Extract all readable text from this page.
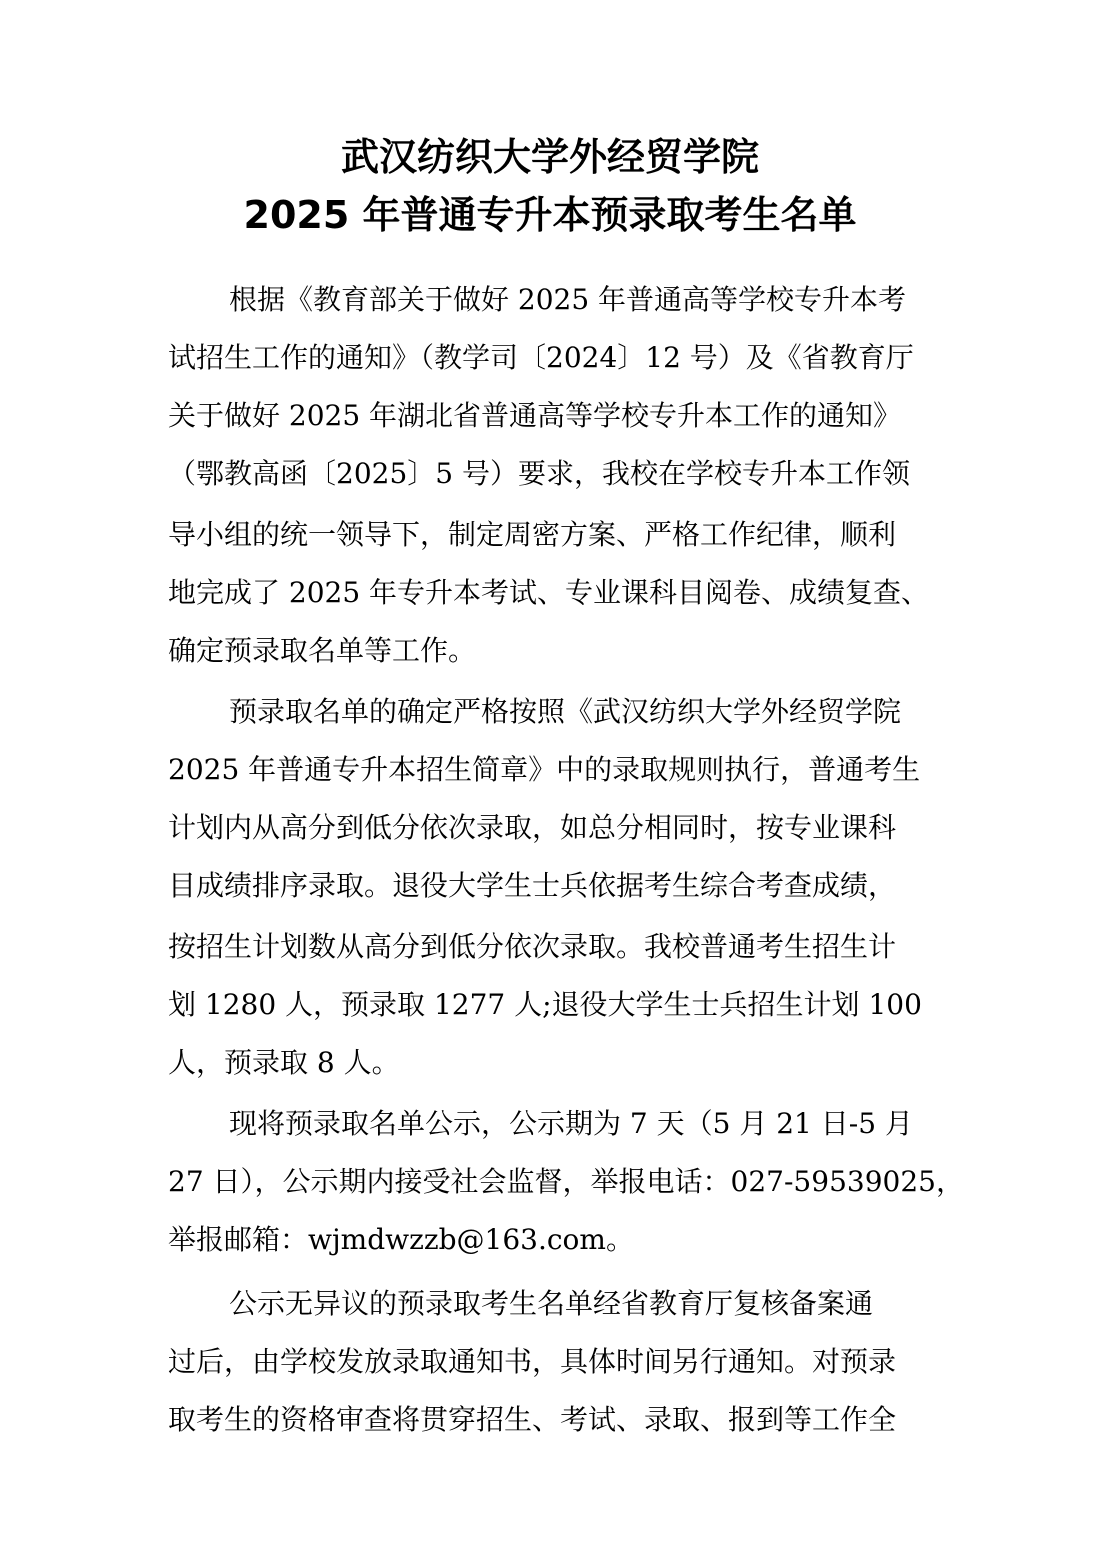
武汉纺织大学外经贸学院
2025 年普通专升本预录取考生名单

根据《教育部关于做好 2025 年普通高等学校专升本考

试招生工作的通知》（教学司〔2024〕12 号）及《省教育厅

关于做好 2025 年湖北省普通高等学校专升本工作的通知》

（鄂教高函〔2025〕5 号）要求，我校在学校专升本工作领

导小组的统一领导下，制定周密方案、严格工作纪律，顺利

地完成了 2025 年专升本考试、专业课科目阅卷、成绩复查、

确定预录取名单等工作。

预录取名单的确定严格按照《武汉纺织大学外经贸学院

2025 年普通专升本招生简章》中的录取规则执行，普通考生

计划内从高分到低分依次录取，如总分相同时，按专业课科

目成绩排序录取。退役大学生士兵依据考生综合考查成绩，

按招生计划数从高分到低分依次录取。我校普通考生招生计

划 1280 人，预录取 1277 人;退役大学生士兵招生计划 100

人，预录取 8 人。

现将预录取名单公示，公示期为 7 天（5 月 21 日-5 月

27 日），公示期内接受社会监督，举报电话：027-59539025，

举报邮箱：wjmdwzzb@163.com。

公示无异议的预录取考生名单经省教育厅复核备案通

过后，由学校发放录取通知书，具体时间另行通知。对预录

取考生的资格审查将贯穿招生、考试、录取、报到等工作全
